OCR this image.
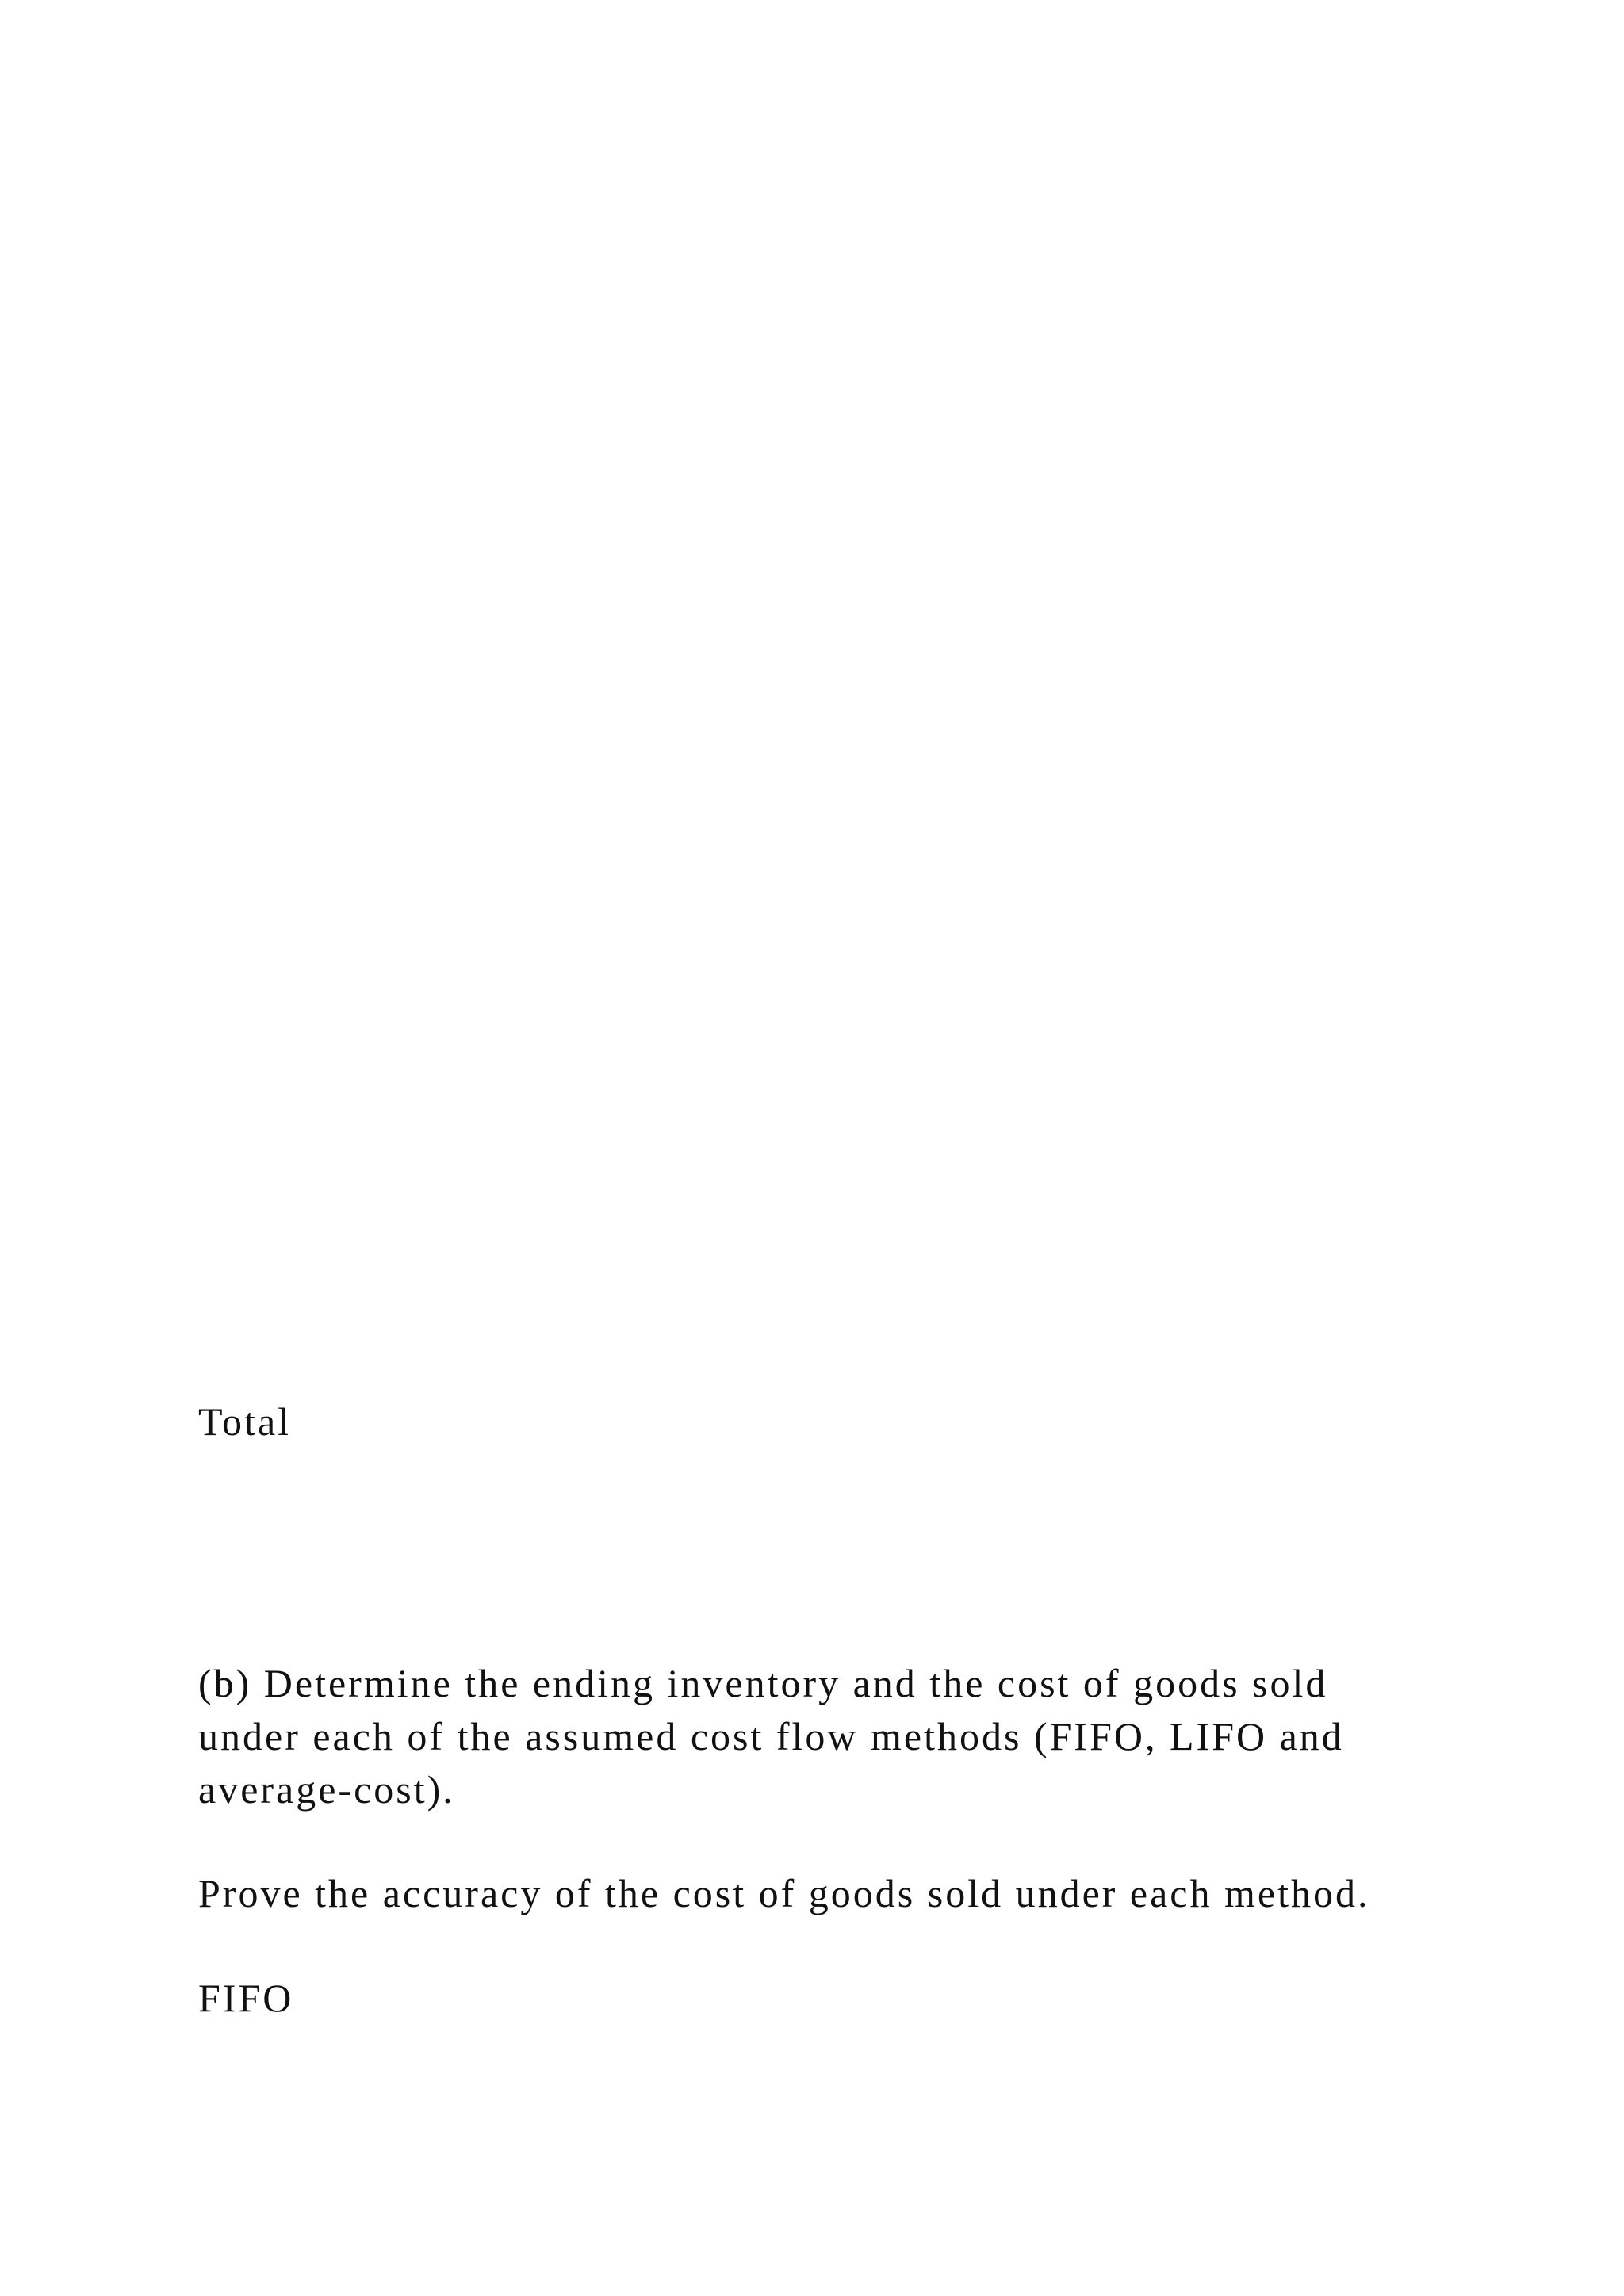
Total

(b) Determine the ending inventory and the cost of goods sold
under each of the assumed cost flow methods (FIFO, LIFO and
average-cost).

Prove the accuracy of the cost of goods sold under each method.

FIFO
